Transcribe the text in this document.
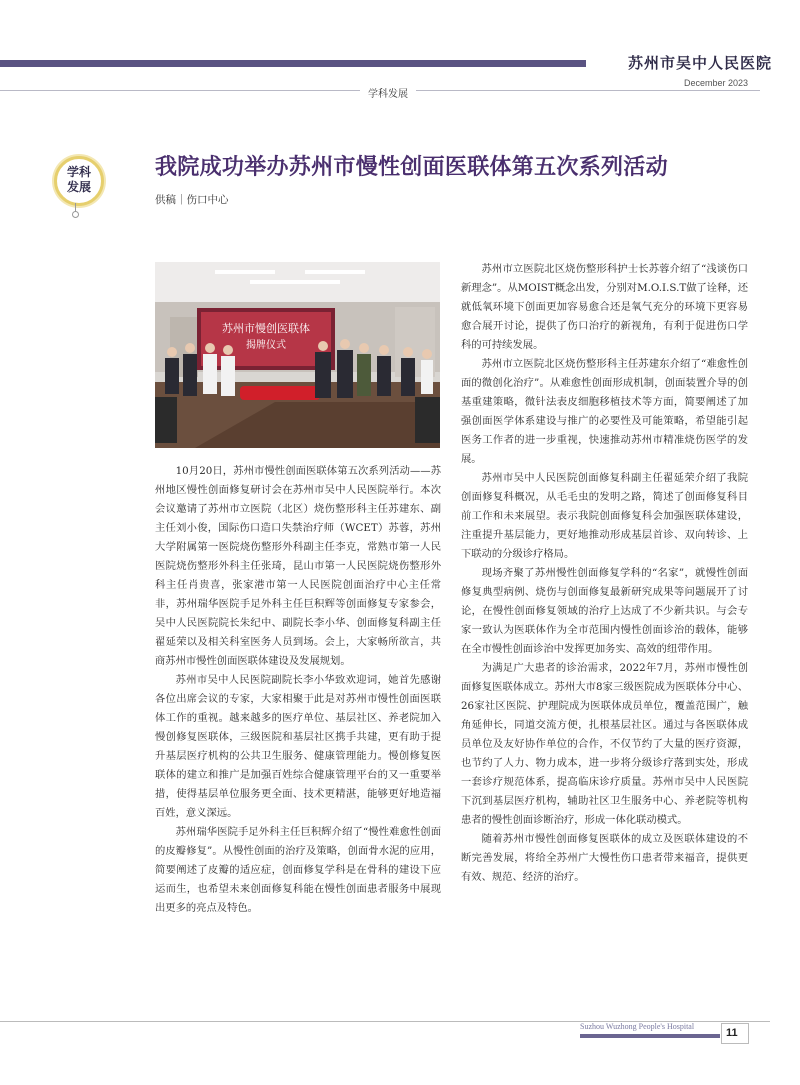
苏州市吴中人民医院
December 2023
学科发展
学科
发展
我院成功举办苏州市慢性创面医联体第五次系列活动
供稿｜伤口中心
苏州市慢创医联体
揭牌仪式

10月20日，苏州市慢性创面医联体第五次系列活动——苏州地区慢性创面修复研讨会在苏州市吴中人民医院举行。本次会议邀请了苏州市立医院（北区）烧伤整形科主任苏建东、副主任刘小俊，国际伤口造口失禁治疗师（WCET）苏蓉，苏州大学附属第一医院烧伤整形外科副主任李克，常熟市第一人民医院烧伤整形外科主任张琦，昆山市第一人民医院烧伤整形外科主任肖贵喜，张家港市第一人民医院创面治疗中心主任常非，苏州瑞华医院手足外科主任巨积辉等创面修复专家参会，吴中人民医院院长朱纪中、副院长李小华、创面修复科副主任翟延荣以及相关科室医务人员到场。会上，大家畅所欲言，共商苏州市慢性创面医联体建设及发展规划。

苏州市吴中人民医院副院长李小华致欢迎词，她首先感谢各位出席会议的专家，大家相聚于此是对苏州市慢性创面医联体工作的重视。越来越多的医疗单位、基层社区、养老院加入慢创修复医联体，三级医院和基层社区携手共建，更有助于提升基层医疗机构的公共卫生服务、健康管理能力。慢创修复医联体的建立和推广是加强百姓综合健康管理平台的又一重要举措，使得基层单位服务更全面、技术更精湛，能够更好地造福百姓，意义深远。

苏州瑞华医院手足外科主任巨积辉介绍了“慢性难愈性创面的皮瓣修复”。从慢性创面的治疗及策略，创面骨水泥的应用，简要阐述了皮瓣的适应症，创面修复学科是在骨科的建设下应运而生，也希望未来创面修复科能在慢性创面患者服务中展现出更多的亮点及特色。

苏州市立医院北区烧伤整形科护士长苏蓉介绍了“浅谈伤口新理念”。从MOIST概念出发，分别对M.O.I.S.T做了诠释，还就低氧环境下创面更加容易愈合还是氧气充分的环境下更容易愈合展开讨论，提供了伤口治疗的新视角，有利于促进伤口学科的可持续发展。

苏州市立医院北区烧伤整形科主任苏建东介绍了“难愈性创面的微创化治疗”。从难愈性创面形成机制，创面装置介导的创基重建策略，微针法表皮细胞移植技术等方面，简要阐述了加强创面医学体系建设与推广的必要性及可能策略，希望能引起医务工作者的进一步重视，快速推动苏州市精准烧伤医学的发展。

苏州市吴中人民医院创面修复科副主任翟延荣介绍了我院创面修复科概况，从毛毛虫的发明之路，简述了创面修复科目前工作和未来展望。表示我院创面修复科会加强医联体建设，注重提升基层能力，更好地推动形成基层首诊、双向转诊、上下联动的分级诊疗格局。

现场齐聚了苏州慢性创面修复学科的“名家”，就慢性创面修复典型病例、烧伤与创面修复最新研究成果等问题展开了讨论，在慢性创面修复领域的治疗上达成了不少新共识。与会专家一致认为医联体作为全市范围内慢性创面诊治的载体，能够在全市慢性创面诊治中发挥更加务实、高效的纽带作用。

为满足广大患者的诊治需求，2022年7月，苏州市慢性创面修复医联体成立。苏州大市8家三级医院成为医联体分中心、26家社区医院、护理院成为医联体成员单位，覆盖范围广，触角延伸长，同道交流方便，扎根基层社区。通过与各医联体成员单位及友好协作单位的合作，不仅节约了大量的医疗资源，也节约了人力、物力成本，进一步将分级诊疗落到实处，形成一套诊疗规范体系，提高临床诊疗质量。苏州市吴中人民医院下沉到基层医疗机构，辅助社区卫生服务中心、养老院等机构患者的慢性创面诊断治疗，形成一体化联动模式。

随着苏州市慢性创面修复医联体的成立及医联体建设的不断完善发展，将给全苏州广大慢性伤口患者带来福音，提供更有效、规范、经济的治疗。

Suzhou Wuzhong People's Hospital
11
